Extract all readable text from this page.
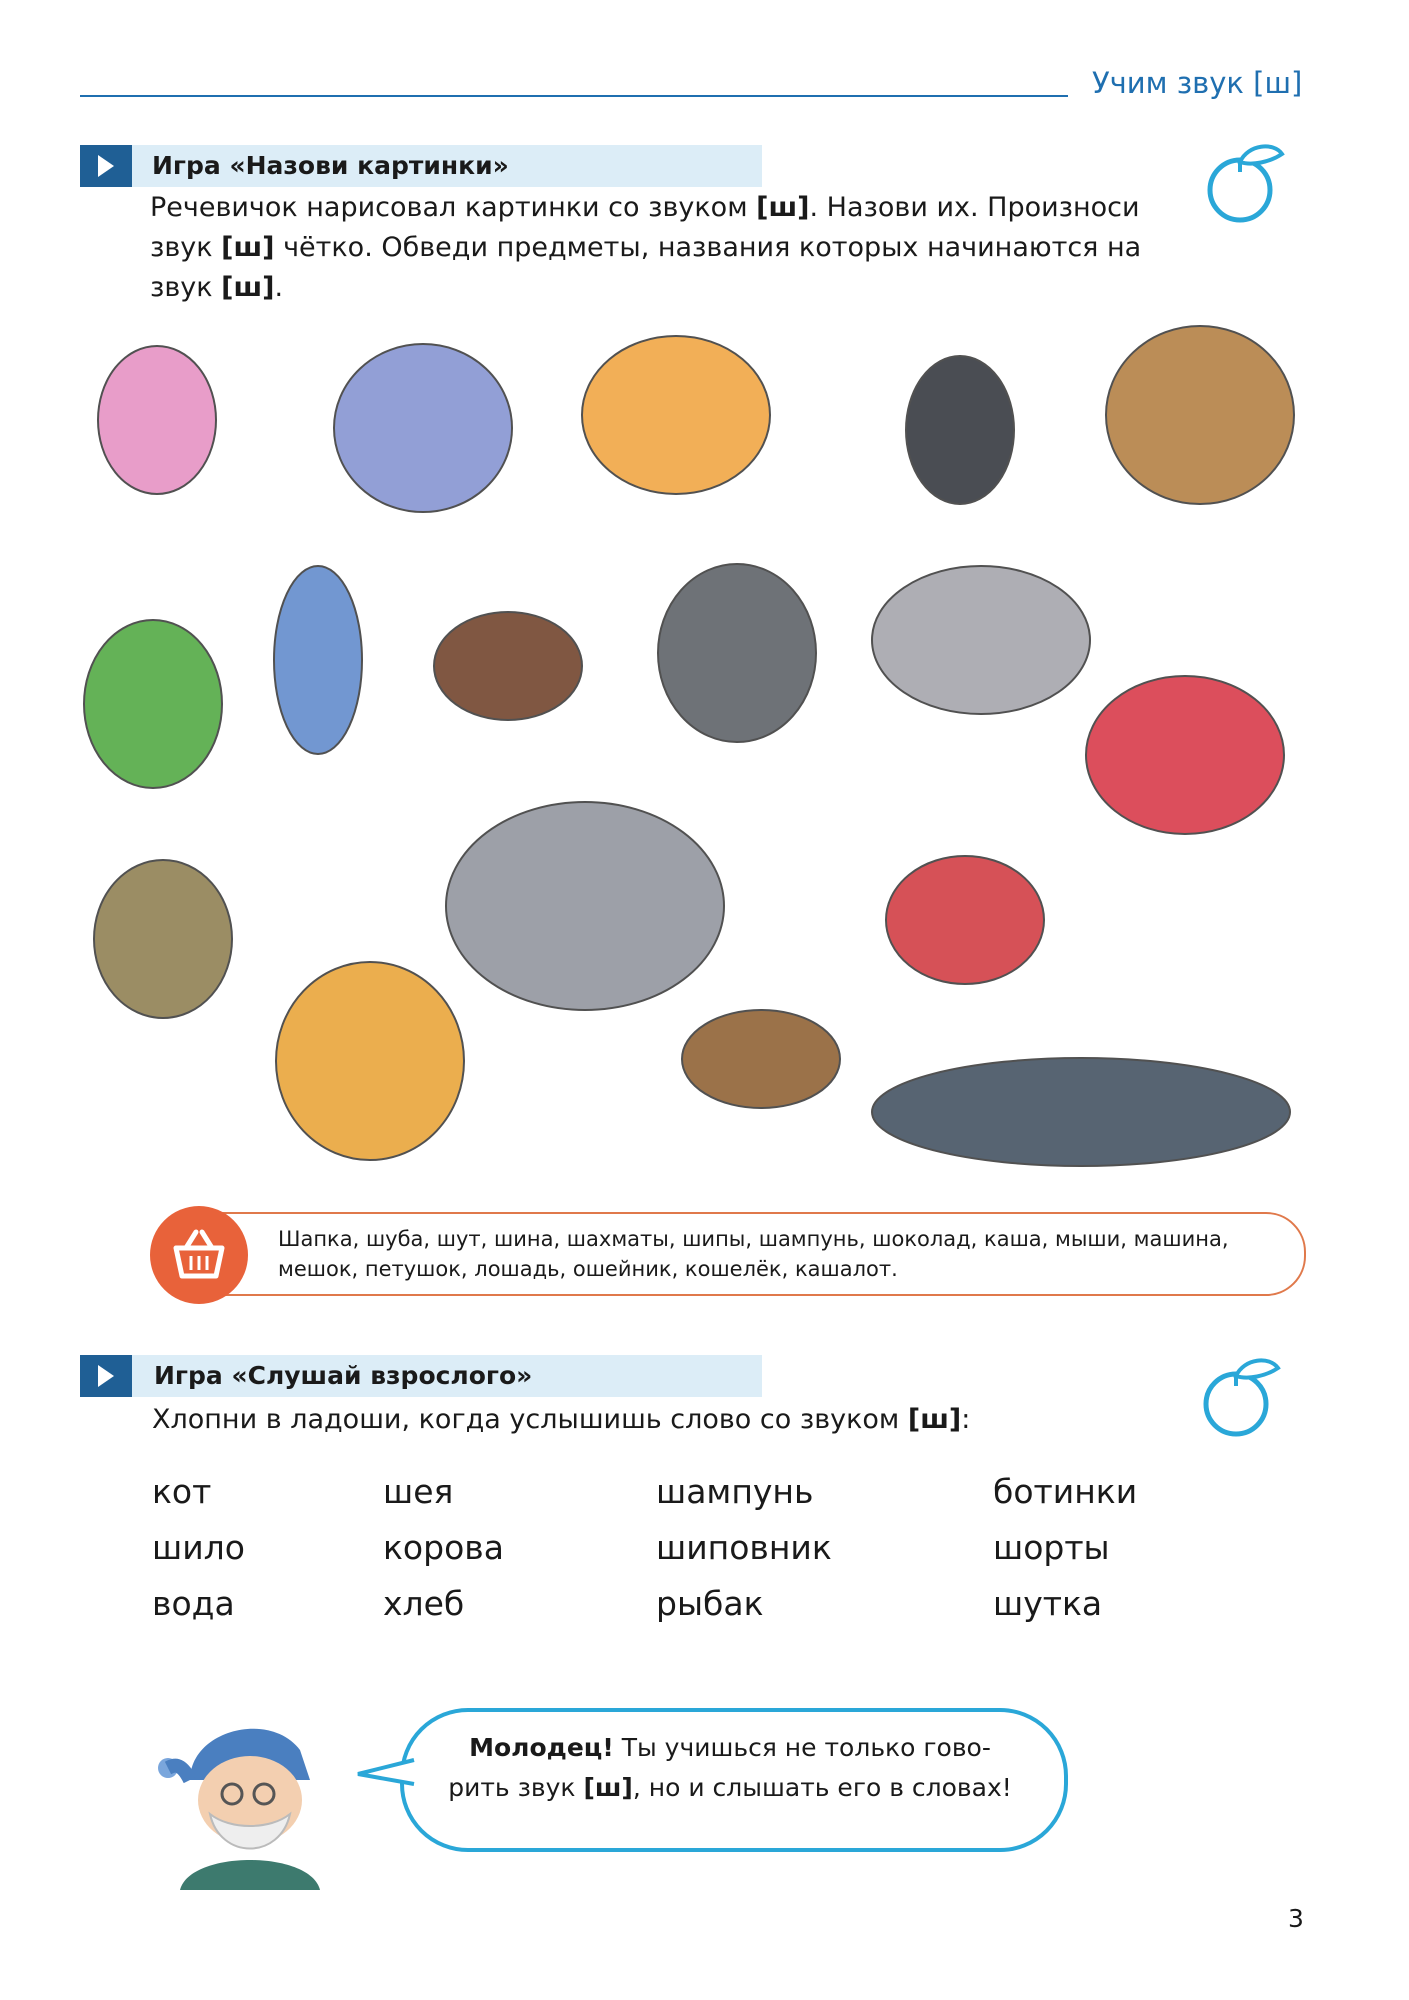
Учим звук [ш]
Игра «Назови картинки»
Речевичок нарисовал картинки со звуком [ш]. Назови их. Произноси звук [ш] чётко. Обведи предметы, названия которых начинаются на звук [ш].
Шапка, шуба, шут, шина, шахматы, шипы, шампунь, шоколад, каша, мыши, машина, мешок, петушок, лошадь, ошейник, кошелёк, кашалот.
Игра «Слушай взрослого»
Хлопни в ладоши, когда услышишь слово со звуком [ш]:
кот
шило
вода
шея
корова
хлеб
шампунь
шиповник
рыбак
ботинки
шорты
шутка
Молодец! Ты учишься не только гово-рить звук [ш], но и слышать его в словах!
3
